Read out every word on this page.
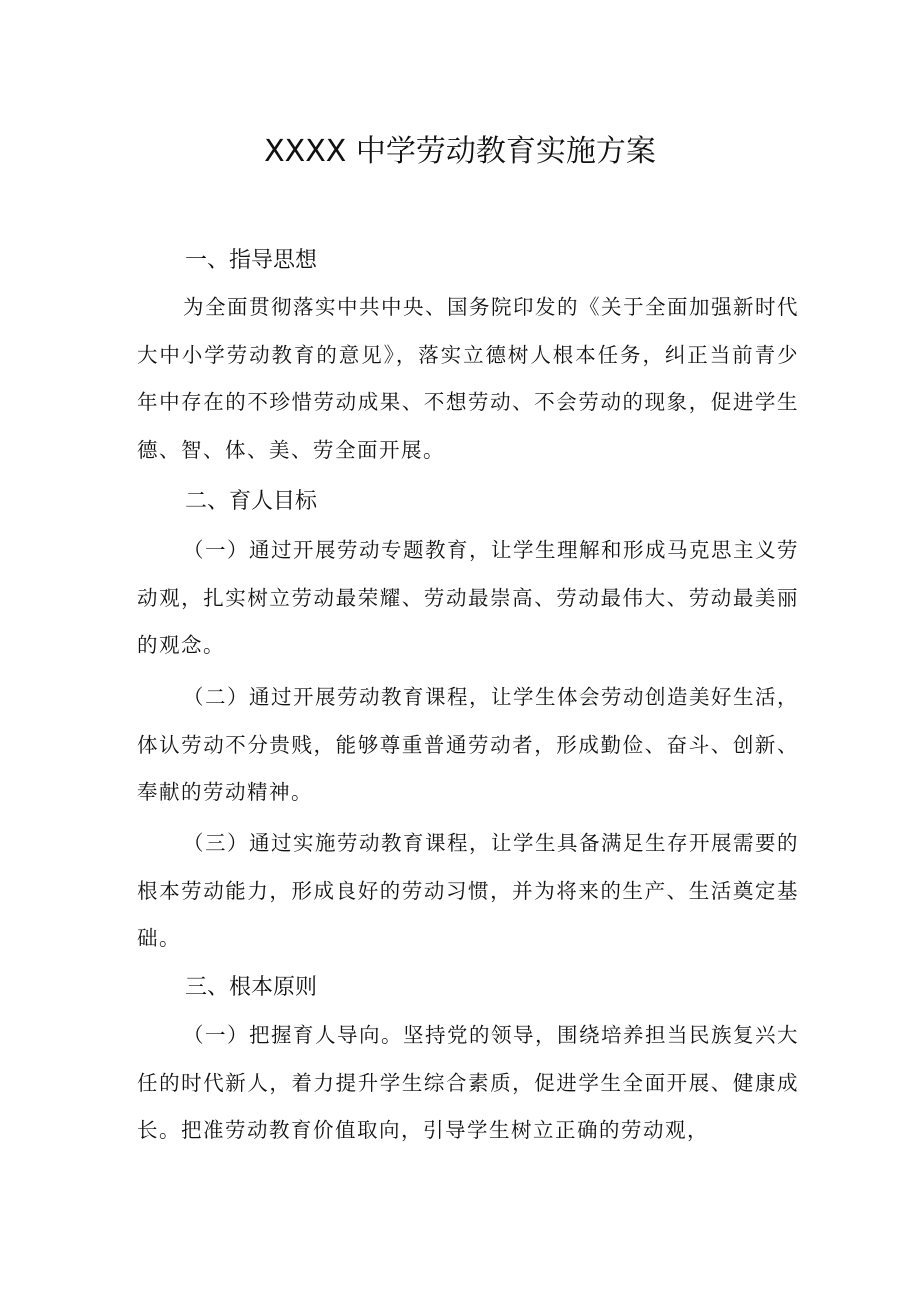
XXXX 中学劳动教育实施方案
一、指导思想

为全面贯彻落实中共中央、国务院印发的《关于全面加强新时代大中小学劳动教育的意见》，落实立德树人根本任务，纠正当前青少年中存在的不珍惜劳动成果、不想劳动、不会劳动的现象，促进学生德、智、体、美、劳全面开展。

二、育人目标

（一）通过开展劳动专题教育，让学生理解和形成马克思主义劳动观，扎实树立劳动最荣耀、劳动最崇高、劳动最伟大、劳动最美丽的观念。

（二）通过开展劳动教育课程，让学生体会劳动创造美好生活，体认劳动不分贵贱，能够尊重普通劳动者，形成勤俭、奋斗、创新、奉献的劳动精神。

（三）通过实施劳动教育课程，让学生具备满足生存开展需要的根本劳动能力，形成良好的劳动习惯，并为将来的生产、生活奠定基础。

三、根本原则

（一）把握育人导向。坚持党的领导，围绕培养担当民族复兴大任的时代新人，着力提升学生综合素质，促进学生全面开展、健康成长。把准劳动教育价值取向，引导学生树立正确的劳动观，
